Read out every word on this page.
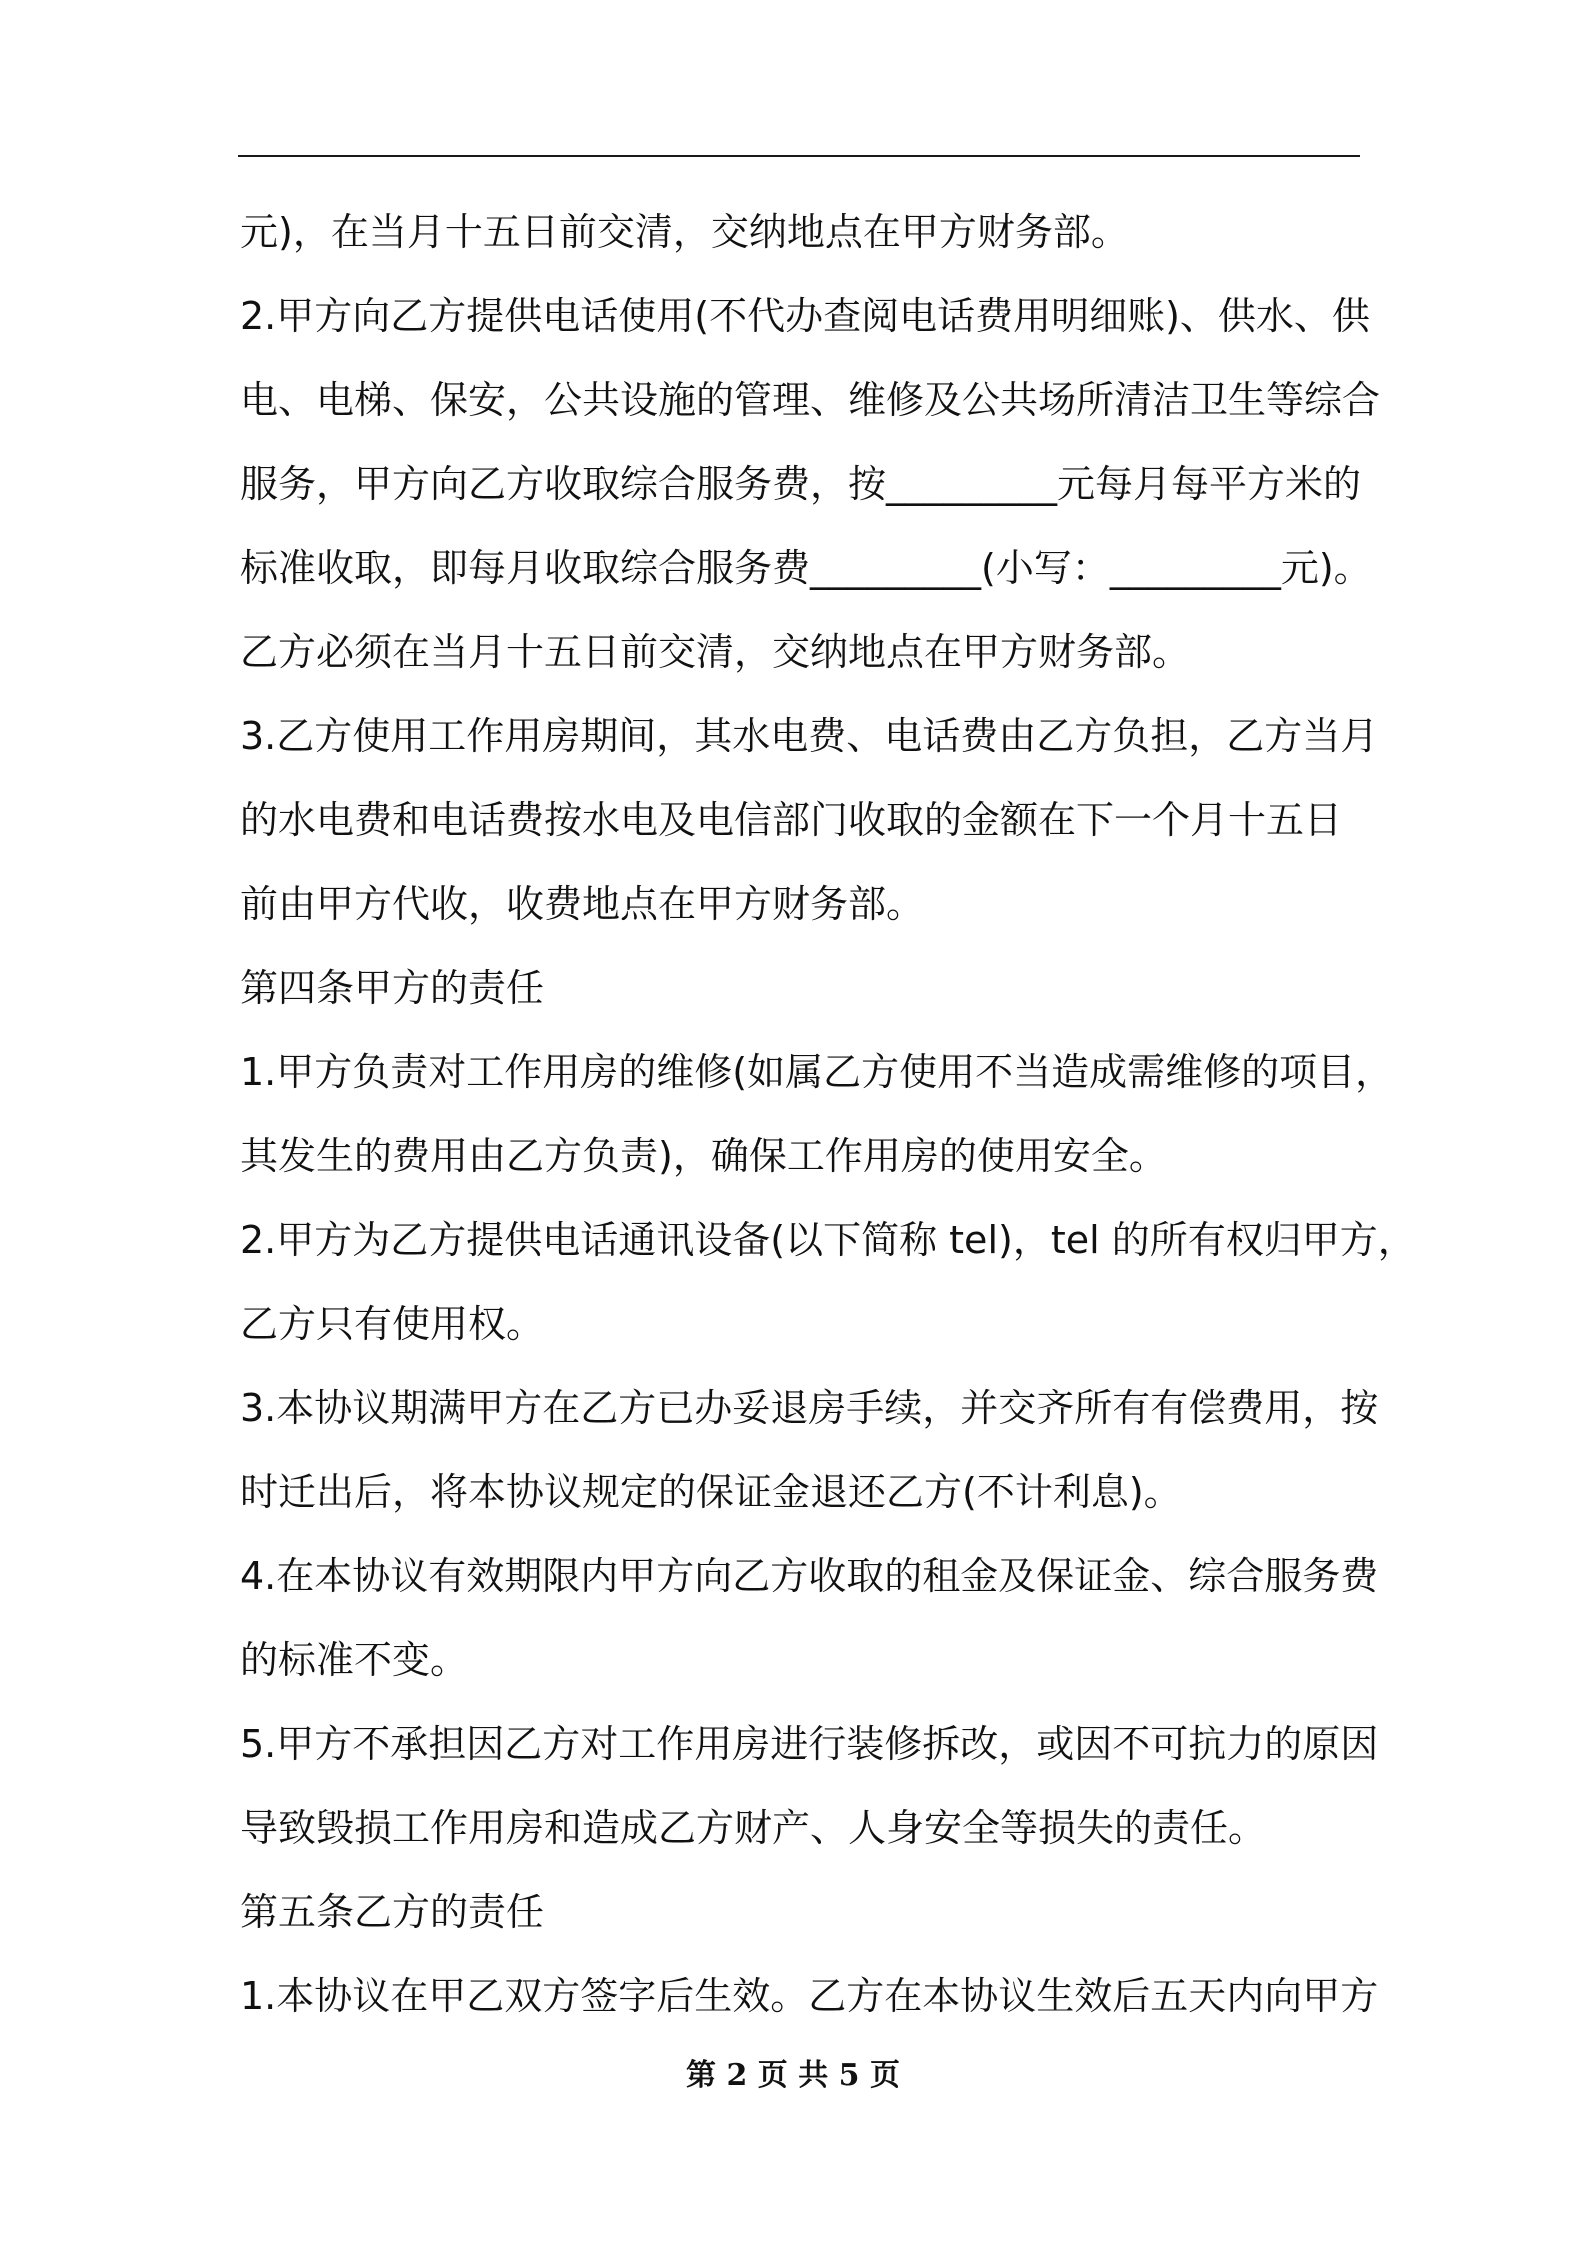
元)，在当月十五日前交清，交纳地点在甲方财务部。
2.甲方向乙方提供电话使用(不代办查阅电话费用明细账)、供水、供
电、电梯、保安，公共设施的管理、维修及公共场所清洁卫生等综合
服务，甲方向乙方收取综合服务费，按_________元每月每平方米的
标准收取，即每月收取综合服务费_________(小写：_________元)。
乙方必须在当月十五日前交清，交纳地点在甲方财务部。
3.乙方使用工作用房期间，其水电费、电话费由乙方负担，乙方当月
的水电费和电话费按水电及电信部门收取的金额在下一个月十五日
前由甲方代收，收费地点在甲方财务部。
第四条甲方的责任
1.甲方负责对工作用房的维修(如属乙方使用不当造成需维修的项目，
其发生的费用由乙方负责)，确保工作用房的使用安全。
2.甲方为乙方提供电话通讯设备(以下简称 tel)，tel 的所有权归甲方，
乙方只有使用权。
3.本协议期满甲方在乙方已办妥退房手续，并交齐所有有偿费用，按
时迁出后，将本协议规定的保证金退还乙方(不计利息)。
4.在本协议有效期限内甲方向乙方收取的租金及保证金、综合服务费
的标准不变。
5.甲方不承担因乙方对工作用房进行装修拆改，或因不可抗力的原因
导致毁损工作用房和造成乙方财产、人身安全等损失的责任。
第五条乙方的责任
1.本协议在甲乙双方签字后生效。乙方在本协议生效后五天内向甲方
第 2 页 共 5 页
